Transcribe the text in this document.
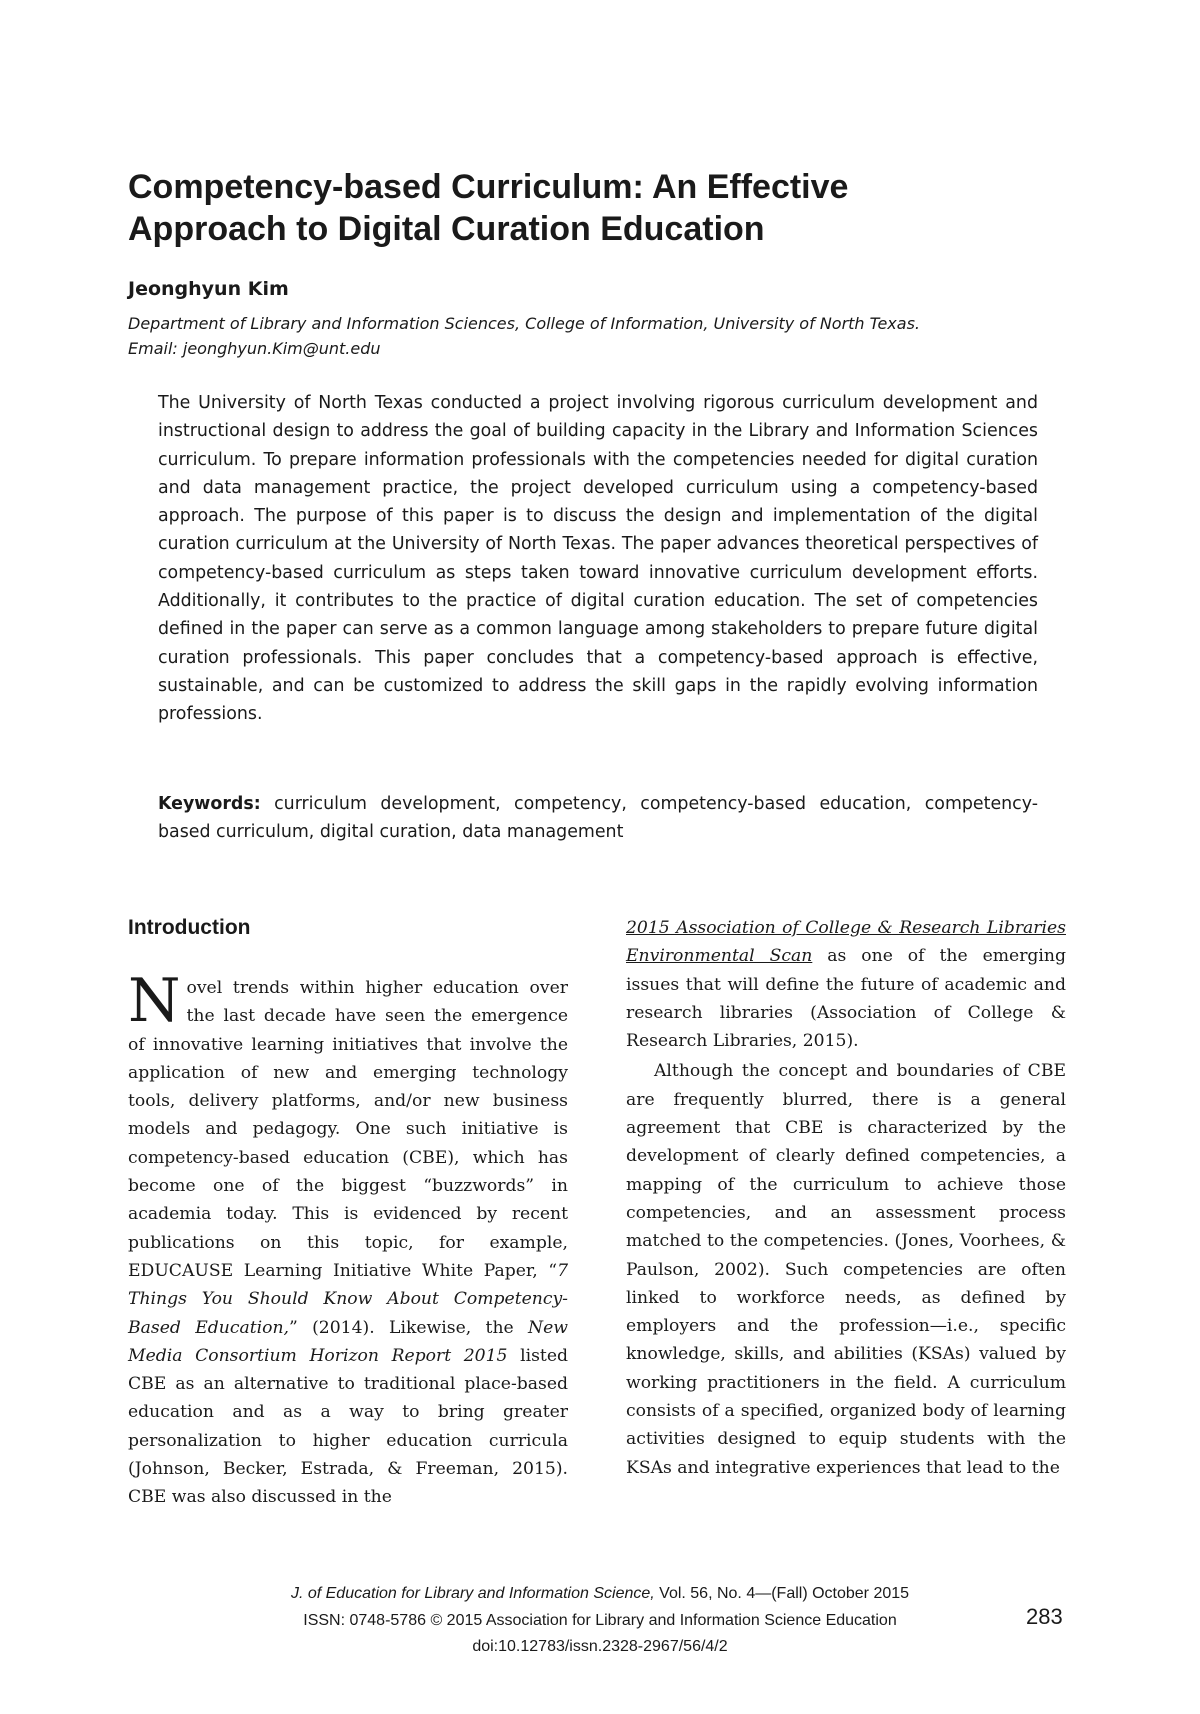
Competency-based Curriculum: An Effective
Approach to Digital Curation Education
Jeonghyun Kim
Department of Library and Information Sciences, College of Information, University of North Texas.
Email: jeonghyun.Kim@unt.edu

The University of North Texas conducted a project involving rigorous curriculum development and instructional design to address the goal of building capacity in the Library and Information Sciences curriculum. To prepare information professionals with the competencies needed for digital curation and data management practice, the project developed curriculum using a competency-based approach. The purpose of this paper is to discuss the design and implementation of the digital curation curriculum at the University of North Texas. The paper advances theoretical perspectives of competency-based curriculum as steps taken toward innovative curriculum development efforts. Additionally, it contributes to the practice of digital curation education. The set of competencies defined in the paper can serve as a common language among stakeholders to prepare future digital curation professionals. This paper concludes that a competency-based approach is effective, sustainable, and can be customized to address the skill gaps in the rapidly evolving information professions.

Keywords: curriculum development, competency, competency-based education, competency-based curriculum, digital curation, data management

Introduction

Novel trends within higher education over the last decade have seen the emergence of innovative learning initiatives that involve the application of new and emerging technology tools, delivery platforms, and/or new business models and pedagogy. One such initiative is competency-based education (CBE), which has become one of the biggest “buzzwords” in academia today. This is evidenced by recent publications on this topic, for example, EDUCAUSE Learning Initiative White Paper, “7 Things You Should Know About Competency-Based Education,” (2014). Likewise, the New Media Consortium Horizon Report 2015 listed CBE as an alternative to traditional place-based education and as a way to bring greater personalization to higher education curricula (Johnson, Becker, Estrada, & Freeman, 2015). CBE was also discussed in the

2015 Association of College & Research Libraries Environmental Scan as one of the emerging issues that will define the future of academic and research libraries (Association of College & Research Libraries, 2015).

Although the concept and boundaries of CBE are frequently blurred, there is a general agreement that CBE is characterized by the development of clearly defined competencies, a mapping of the curriculum to achieve those competencies, and an assessment process matched to the competencies. (Jones, Voorhees, & Paulson, 2002). Such competencies are often linked to workforce needs, as defined by employers and the profession—i.e., specific knowledge, skills, and abilities (KSAs) valued by working practitioners in the field. A curriculum consists of a specified, organized body of learning activities designed to equip students with the KSAs and integrative experiences that lead to the

J. of Education for Library and Information Science, Vol. 56, No. 4—(Fall) October 2015
ISSN: 0748-5786 © 2015 Association for Library and Information Science Education
doi:10.12783/issn.2328-2967/56/4/2
283
